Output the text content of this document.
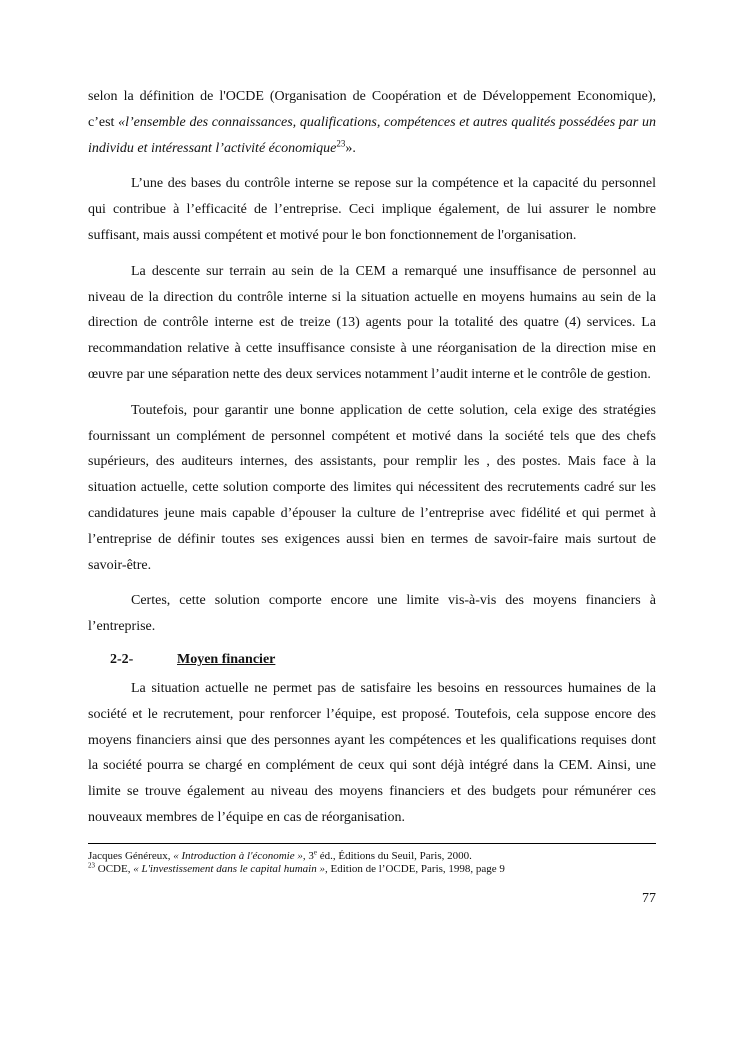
selon la définition de l'OCDE (Organisation de Coopération et de Développement Economique), c’est «l’ensemble des connaissances, qualifications, compétences et autres qualités possédées par un individu et intéressant l’activité économique$^{23}$».

L’une des bases du contrôle interne se repose sur la compétence et la capacité du personnel qui contribue à l’efficacité de l’entreprise. Ceci implique également, de lui assurer le nombre suffisant, mais aussi compétent et motivé pour le bon fonctionnement de l'organisation.

La descente sur terrain au sein de la CEM a remarqué une insuffisance de personnel au niveau de la direction du contrôle interne si la situation actuelle en moyens humains au sein de la direction de contrôle interne est de treize (13) agents pour la totalité des quatre (4) services. La recommandation relative à cette insuffisance consiste à une réorganisation de la direction mise en œuvre par une séparation nette des deux services notamment l’audit interne et le contrôle de gestion.

Toutefois, pour garantir une bonne application de cette solution, cela exige des stratégies fournissant un complément de personnel compétent et motivé dans la société tels que des chefs supérieurs, des auditeurs internes, des assistants, pour remplir les , des postes. Mais face à la situation actuelle, cette solution comporte des limites qui nécessitent des recrutements cadré sur les candidatures jeune mais capable d’épouser la culture de l’entreprise avec fidélité et qui permet à l’entreprise de définir toutes ses exigences aussi bien en termes de savoir-faire mais surtout de savoir-être.

Certes, cette solution comporte encore une limite vis-à-vis des moyens financiers à l’entreprise.

2-2-	Moyen financier

La situation actuelle ne permet pas de satisfaire les besoins en ressources humaines de la société et le recrutement, pour renforcer l’équipe, est proposé. Toutefois, cela suppose encore des moyens financiers ainsi que des personnes ayant les compétences et les qualifications requises dont la société pourra se chargé en complément de ceux qui sont déjà intégré dans la CEM. Ainsi, une limite se trouve également au niveau des moyens financiers et des budgets pour rémunérer ces nouveaux membres de l’équipe en cas de réorganisation.

Jacques Généreux, « Introduction à l'économie », 3e éd., Éditions du Seuil, Paris, 2000.
$^{23}$ OCDE, « L'investissement dans le capital humain », Edition de l’OCDE, Paris, 1998, page 9
77
